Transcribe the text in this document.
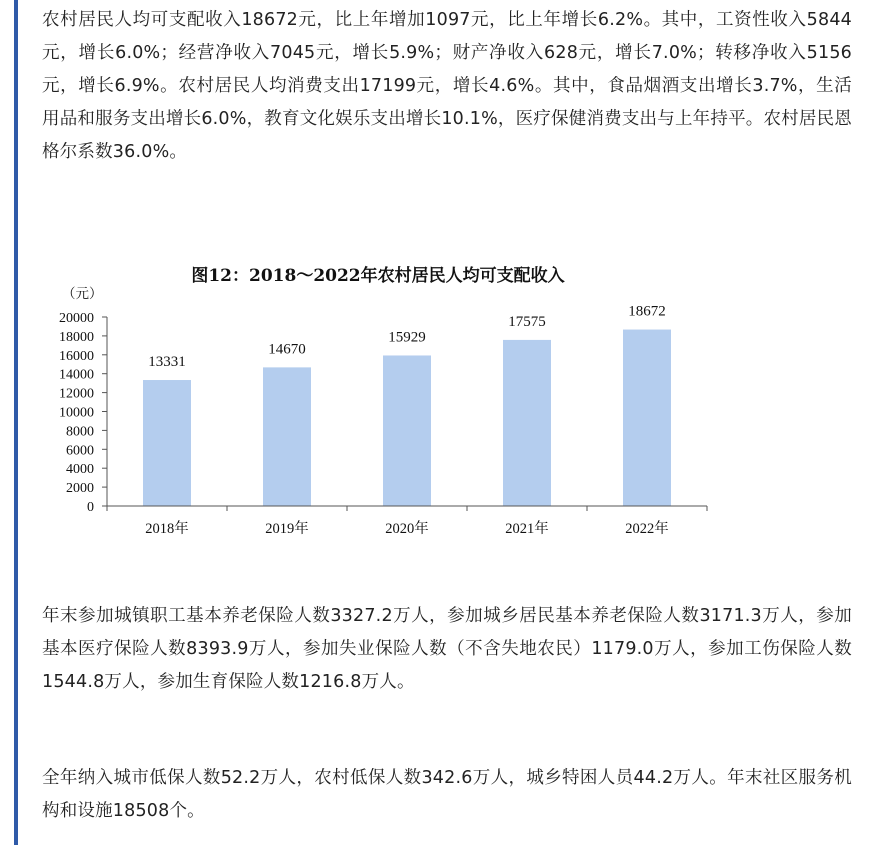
农村居民人均可支配收入18672元，比上年增加1097元，比上年增长6.2%。其中，工资性收入5844元，增长6.0%；经营净收入7045元，增长5.9%；财产净收入628元，增长7.0%；转移净收入5156元，增长6.9%。农村居民人均消费支出17199元，增长4.6%。其中，食品烟酒支出增长3.7%，生活用品和服务支出增长6.0%，教育文化娱乐支出增长10.1%，医疗保健消费支出与上年持平。农村居民恩格尔系数36.0%。

图12：2018～2022年农村居民人均可支配收入
（元）
0
2000
4000
6000
8000
10000
12000
14000
16000
18000
20000
13331
14670
15929
17575
18672
2018年	2019年	2020年	2021年	2022年

年末参加城镇职工基本养老保险人数3327.2万人，参加城乡居民基本养老保险人数3171.3万人，参加基本医疗保险人数8393.9万人，参加失业保险人数（不含失地农民）1179.0万人，参加工伤保险人数1544.8万人，参加生育保险人数1216.8万人。

全年纳入城市低保人数52.2万人，农村低保人数342.6万人，城乡特困人员44.2万人。年末社区服务机构和设施18508个。
